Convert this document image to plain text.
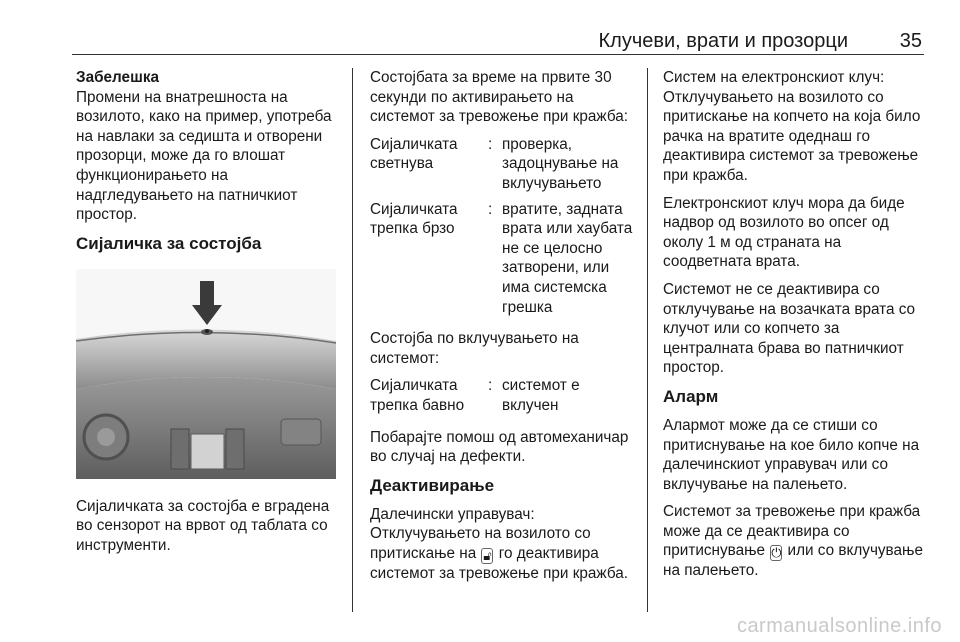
Клучеви, врати и прозорци	35
Забелешка

Промени на внатрешноста на возилото, како на пример, употреба на навлаки за седишта и отворени прозорци, може да го влошат функционирањето на надгледувањето на патничкиот простор.

Сијаличка за состојба

Сијаличката за состојба е вградена во сензорот на врвот од таблата со инструменти.

Состојбата за време на првите 30 секунди по активирањето на системот за тревожење при кражба:

Сијаличката светнува
: проверка, задоцнување на вклучувањето
Сијаличката трепка брзо
: вратите, задната врата или хаубата не се целосно затворени, или има системска грешка

Состојба по вклучувањето на системот:

Сијаличката трепка бавно
: системот е вклучен

Побарајте помош од автомеханичар во случај на дефекти.

Деактивирање

Далечински управувач: Отклучувањето на возилото со притискање на 🔓︎ го деактивира системот за тревожење при кражба.

Систем на електронскиот клуч: Отклучувањето на возилото со притискање на копчето на која било рачка на вратите одеднаш го деактивира системот за тревожење при кражба.

Електронскиот клуч мора да биде надвор од возилото во опсег од околу 1 м од страната на соодветната врата.

Системот не се деактивира со отклучување на возачката врата со клучот или со копчето за централната брава во патничкиот простор.

Аларм

Алармот може да се стиши со притиснување на кое било копче на далечинскиот управувач или со вклучување на палењето.

Системот за тревожење при кражба може да се деактивира со притиснување ⏻ или со вклучување на палењето.

carmanualsonline.info
